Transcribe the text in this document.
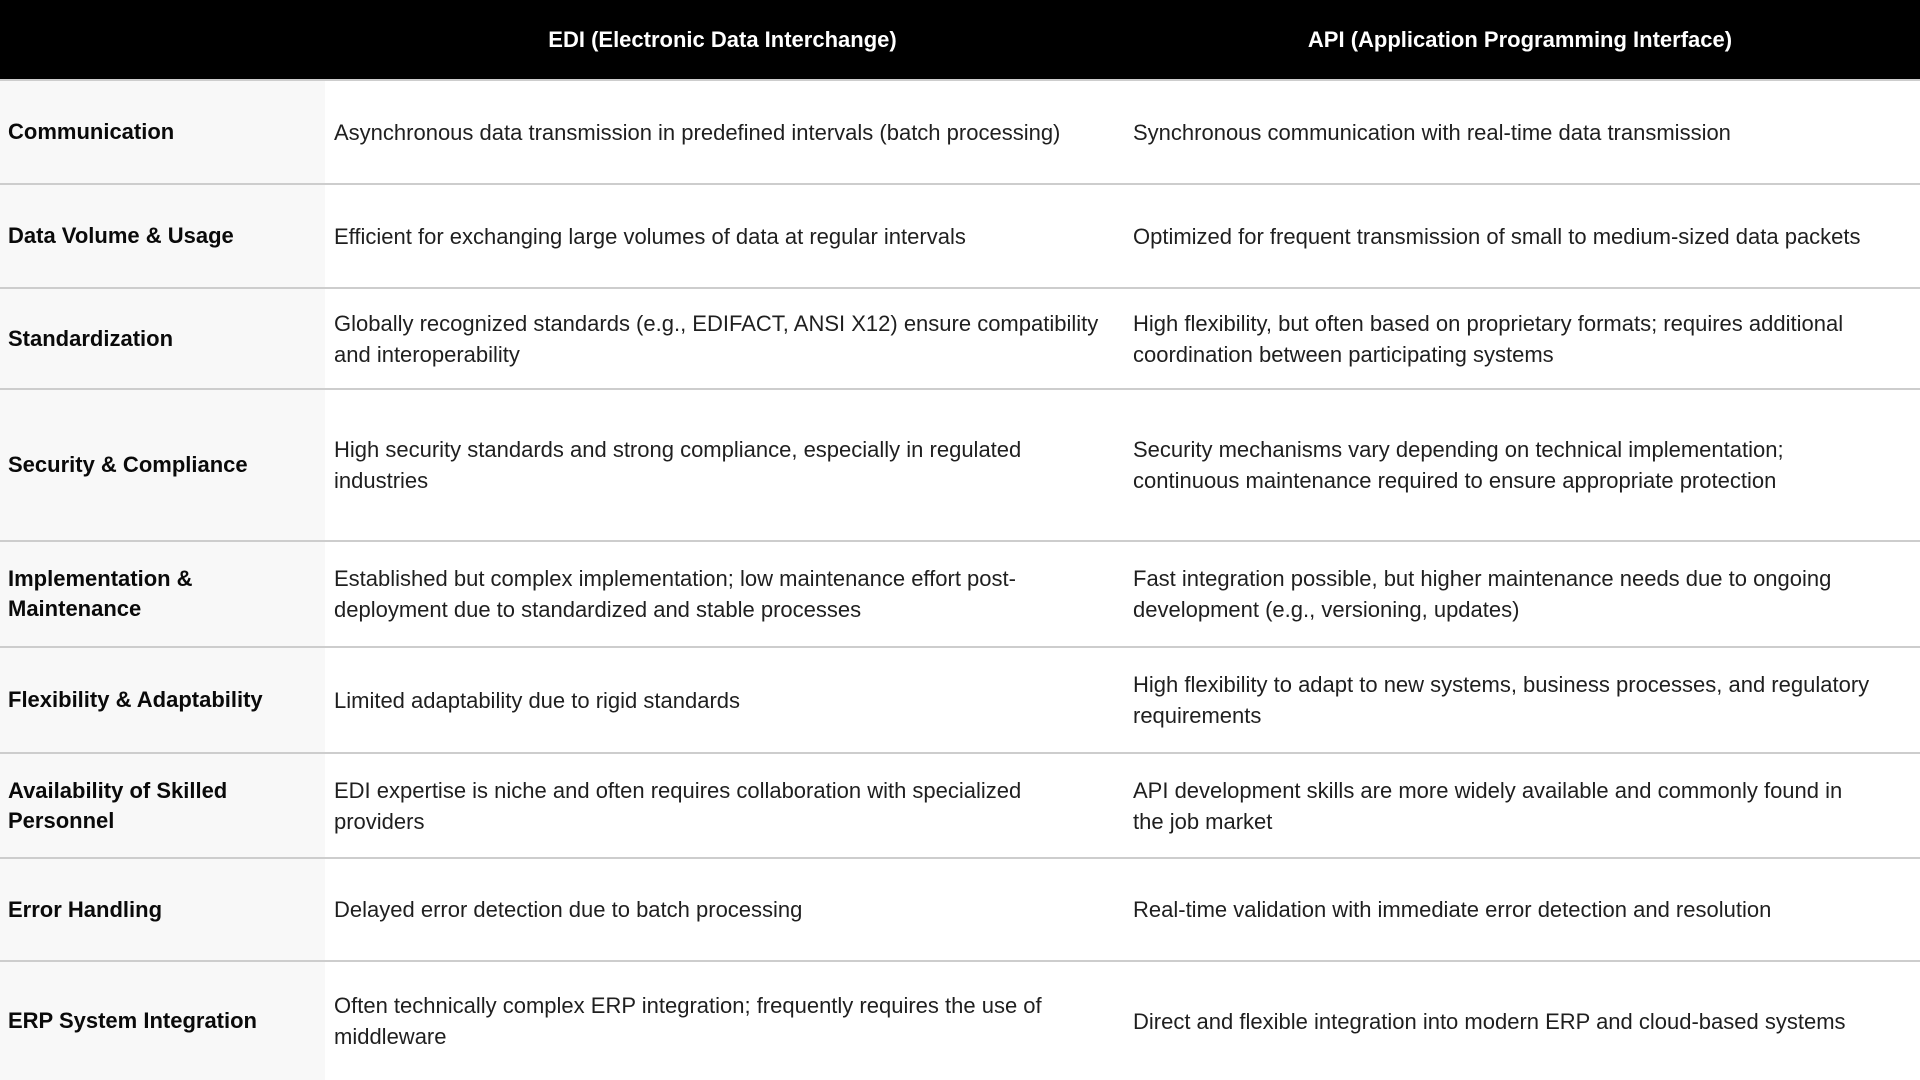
	EDI (Electronic Data Interchange)	API (Application Programming Interface)
Communication	Asynchronous data transmission in predefined intervals (batch processing)	Synchronous communication with real-time data transmission
Data Volume & Usage	Efficient for exchanging large volumes of data at regular intervals	Optimized for frequent transmission of small to medium-sized data packets
Standardization	Globally recognized standards (e.g., EDIFACT, ANSI X12) ensure compatibility and interoperability	High flexibility, but often based on proprietary formats; requires additional coordination between participating systems
Security & Compliance	High security standards and strong compliance, especially in regulated industries	Security mechanisms vary depending on technical implementation; continuous maintenance required to ensure appropriate protection
Implementation & Maintenance	Established but complex implementation; low maintenance effort post-deployment due to standardized and stable processes	Fast integration possible, but higher maintenance needs due to ongoing development (e.g., versioning, updates)
Flexibility & Adaptability	Limited adaptability due to rigid standards	High flexibility to adapt to new systems, business processes, and regulatory requirements
Availability of Skilled Personnel	EDI expertise is niche and often requires collaboration with specialized providers	API development skills are more widely available and commonly found in the job market
Error Handling	Delayed error detection due to batch processing	Real-time validation with immediate error detection and resolution
ERP System Integration	Often technically complex ERP integration; frequently requires the use of middleware	Direct and flexible integration into modern ERP and cloud-based systems
